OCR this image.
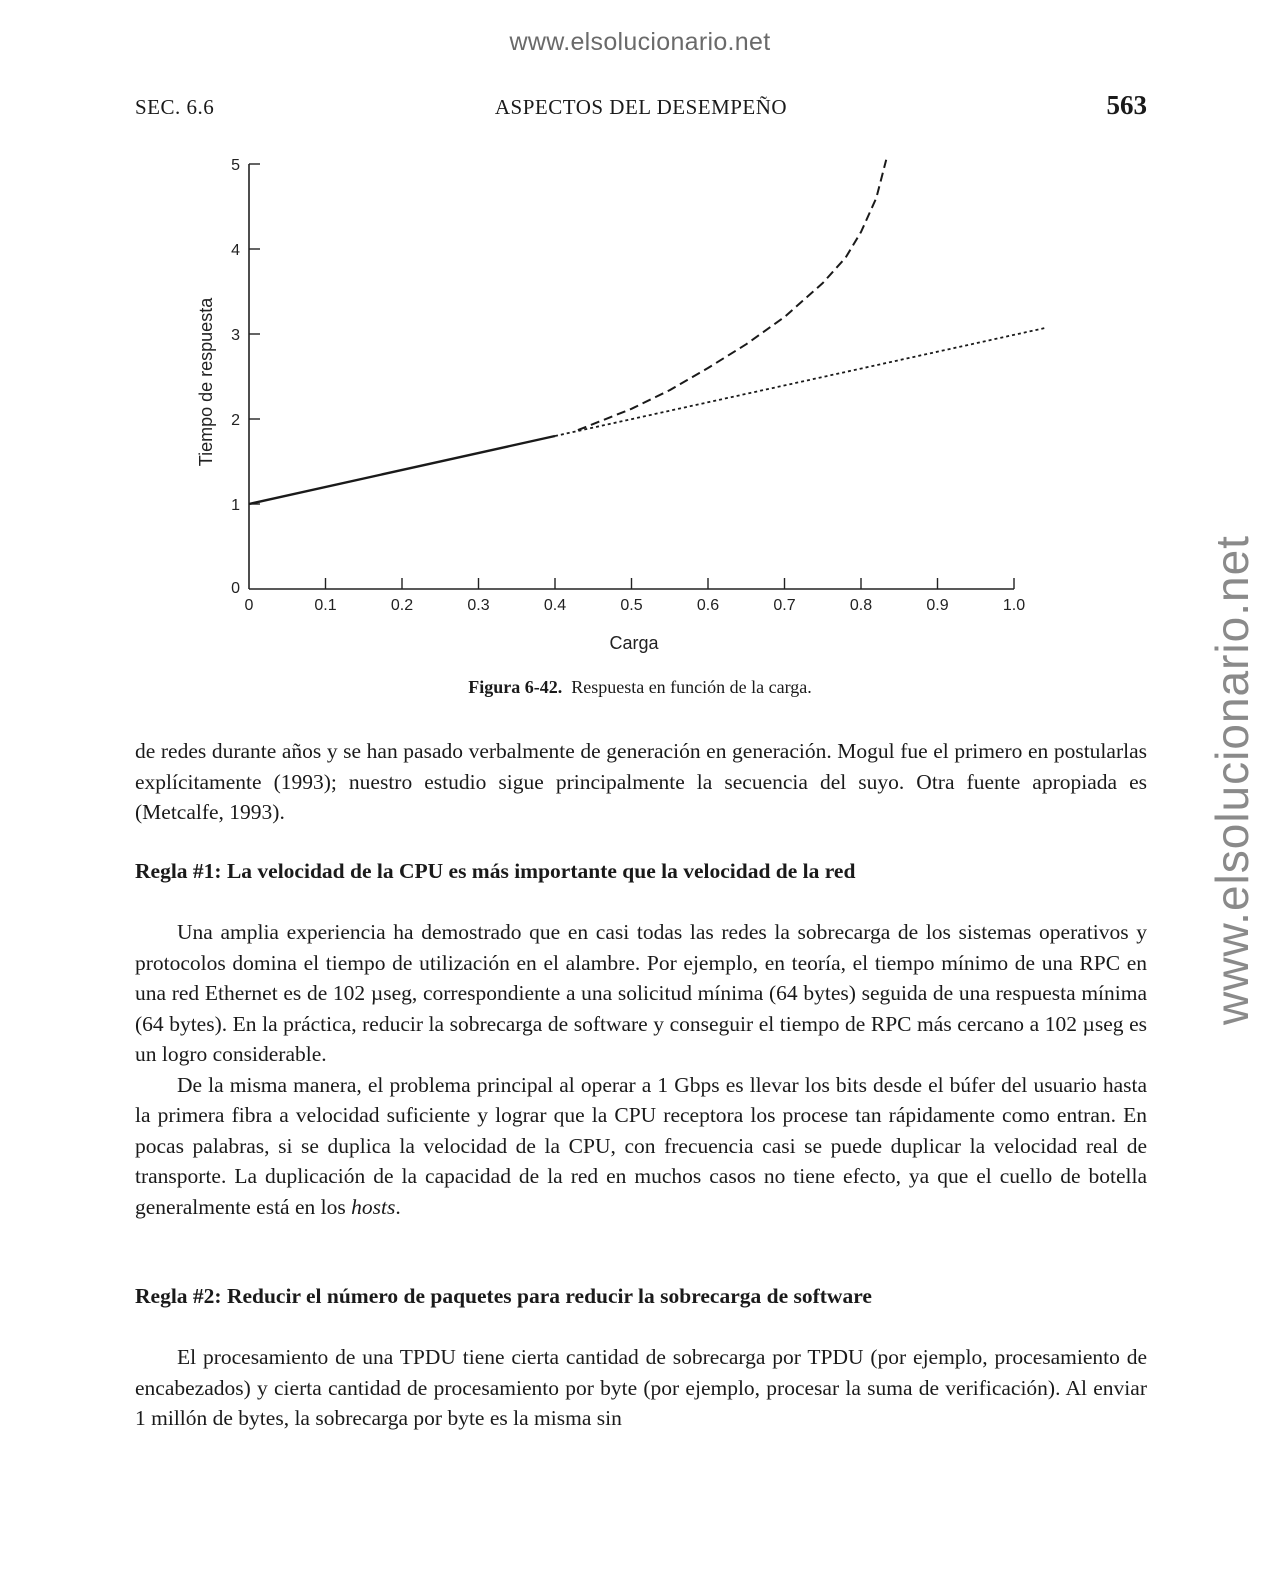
www.elsolucionario.net
www.elsolucionario.net
SEC. 6.6	ASPECTOS DEL DESEMPEÑO	563
0	0.1	0.2	0.3	0.4	0.5	0.6	0.7	0.8	0.9	1.0
0
1
2
3
4
5
Carga
Tiempo de respuesta
Figura 6-42. Respuesta en función de la carga.

de redes durante años y se han pasado verbalmente de generación en generación. Mogul fue el primero en postularlas explícitamente (1993); nuestro estudio sigue principalmente la secuencia del suyo. Otra fuente apropiada es (Metcalfe, 1993).

Regla #1: La velocidad de la CPU es más importante que la velocidad de la red

Una amplia experiencia ha demostrado que en casi todas las redes la sobrecarga de los sistemas operativos y protocolos domina el tiempo de utilización en el alambre. Por ejemplo, en teoría, el tiempo mínimo de una RPC en una red Ethernet es de 102 µseg, correspondiente a una solicitud mínima (64 bytes) seguida de una respuesta mínima (64 bytes). En la práctica, reducir la sobrecarga de software y conseguir el tiempo de RPC más cercano a 102 µseg es un logro considerable.

De la misma manera, el problema principal al operar a 1 Gbps es llevar los bits desde el búfer del usuario hasta la primera fibra a velocidad suficiente y lograr que la CPU receptora los procese tan rápidamente como entran. En pocas palabras, si se duplica la velocidad de la CPU, con frecuencia casi se puede duplicar la velocidad real de transporte. La duplicación de la capacidad de la red en muchos casos no tiene efecto, ya que el cuello de botella generalmente está en los hosts.

Regla #2: Reducir el número de paquetes para reducir la sobrecarga de software

El procesamiento de una TPDU tiene cierta cantidad de sobrecarga por TPDU (por ejemplo, procesamiento de encabezados) y cierta cantidad de procesamiento por byte (por ejemplo, procesar la suma de verificación). Al enviar 1 millón de bytes, la sobrecarga por byte es la misma sin
